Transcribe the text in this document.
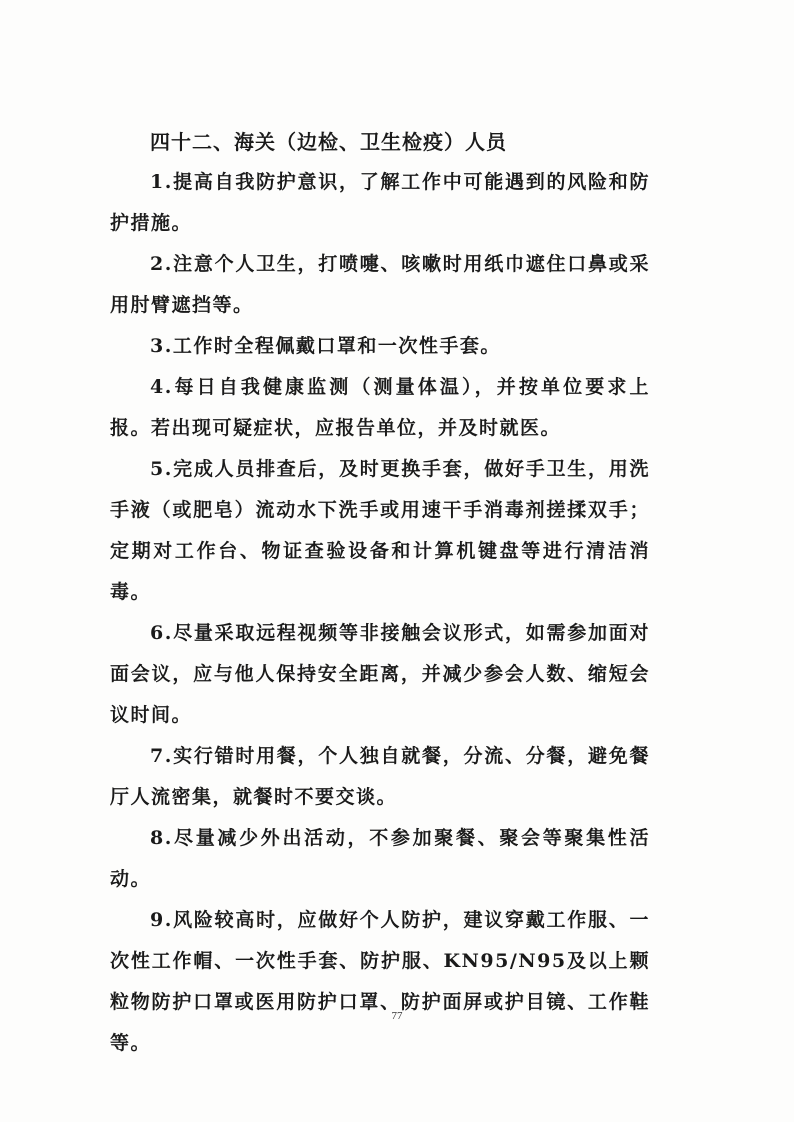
四十二、海关（边检、卫生检疫）人员

1.提高自我防护意识，了解工作中可能遇到的风险和防护措施。

2.注意个人卫生，打喷嚏、咳嗽时用纸巾遮住口鼻或采用肘臂遮挡等。

3.工作时全程佩戴口罩和一次性手套。

4.每日自我健康监测（测量体温），并按单位要求上报。若出现可疑症状，应报告单位，并及时就医。

5.完成人员排查后，及时更换手套，做好手卫生，用洗手液（或肥皂）流动水下洗手或用速干手消毒剂搓揉双手；定期对工作台、物证查验设备和计算机键盘等进行清洁消毒。

6.尽量采取远程视频等非接触会议形式，如需参加面对面会议，应与他人保持安全距离，并减少参会人数、缩短会议时间。

7.实行错时用餐，个人独自就餐，分流、分餐，避免餐厅人流密集，就餐时不要交谈。

8.尽量减少外出活动，不参加聚餐、聚会等聚集性活动。

9.风险较高时，应做好个人防护，建议穿戴工作服、一次性工作帽、一次性手套、防护服、KN95/N95及以上颗粒物防护口罩或医用防护口罩、防护面屏或护目镜、工作鞋等。

77
